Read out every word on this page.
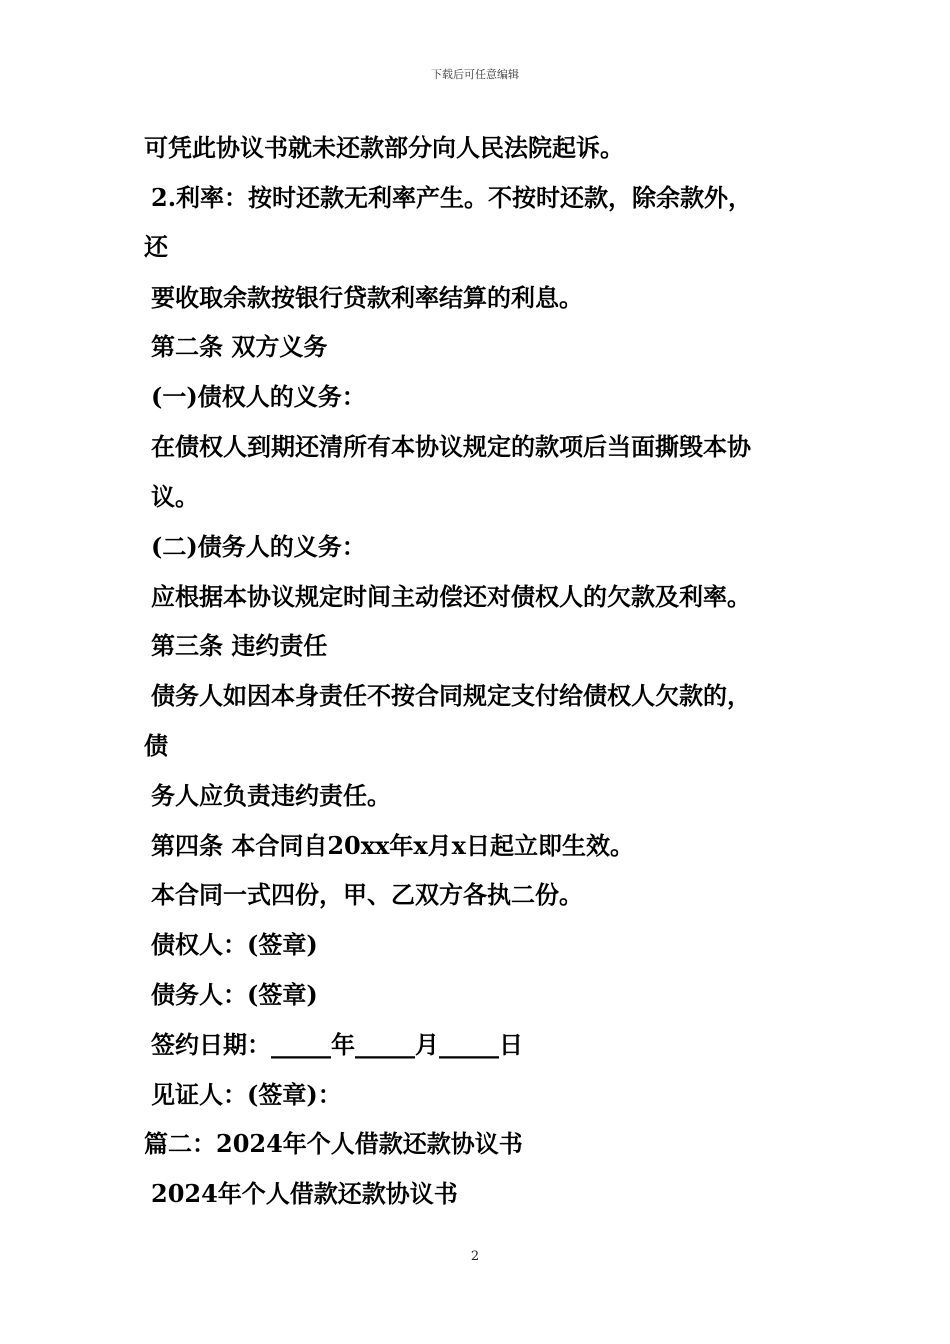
下载后可任意编辑
可凭此协议书就未还款部分向人民法院起诉。
2.利率：按时还款无利率产生。不按时还款，除余款外，
还
要收取余款按银行贷款利率结算的利息。
第二条 双方义务
(一)债权人的义务：
在债权人到期还清所有本协议规定的款项后当面撕毁本协
议。
(二)债务人的义务：
应根据本协议规定时间主动偿还对债权人的欠款及利率。
第三条 违约责任
债务人如因本身责任不按合同规定支付给债权人欠款的，
债
务人应负责违约责任。
第四条 本合同自20xx年x月x日起立即生效。
本合同一式四份，甲、乙双方各执二份。
债权人：(签章)
债务人：(签章)
签约日期：_____年_____月_____日
见证人：(签章)：
篇二：2024年个人借款还款协议书
2024年个人借款还款协议书
2
